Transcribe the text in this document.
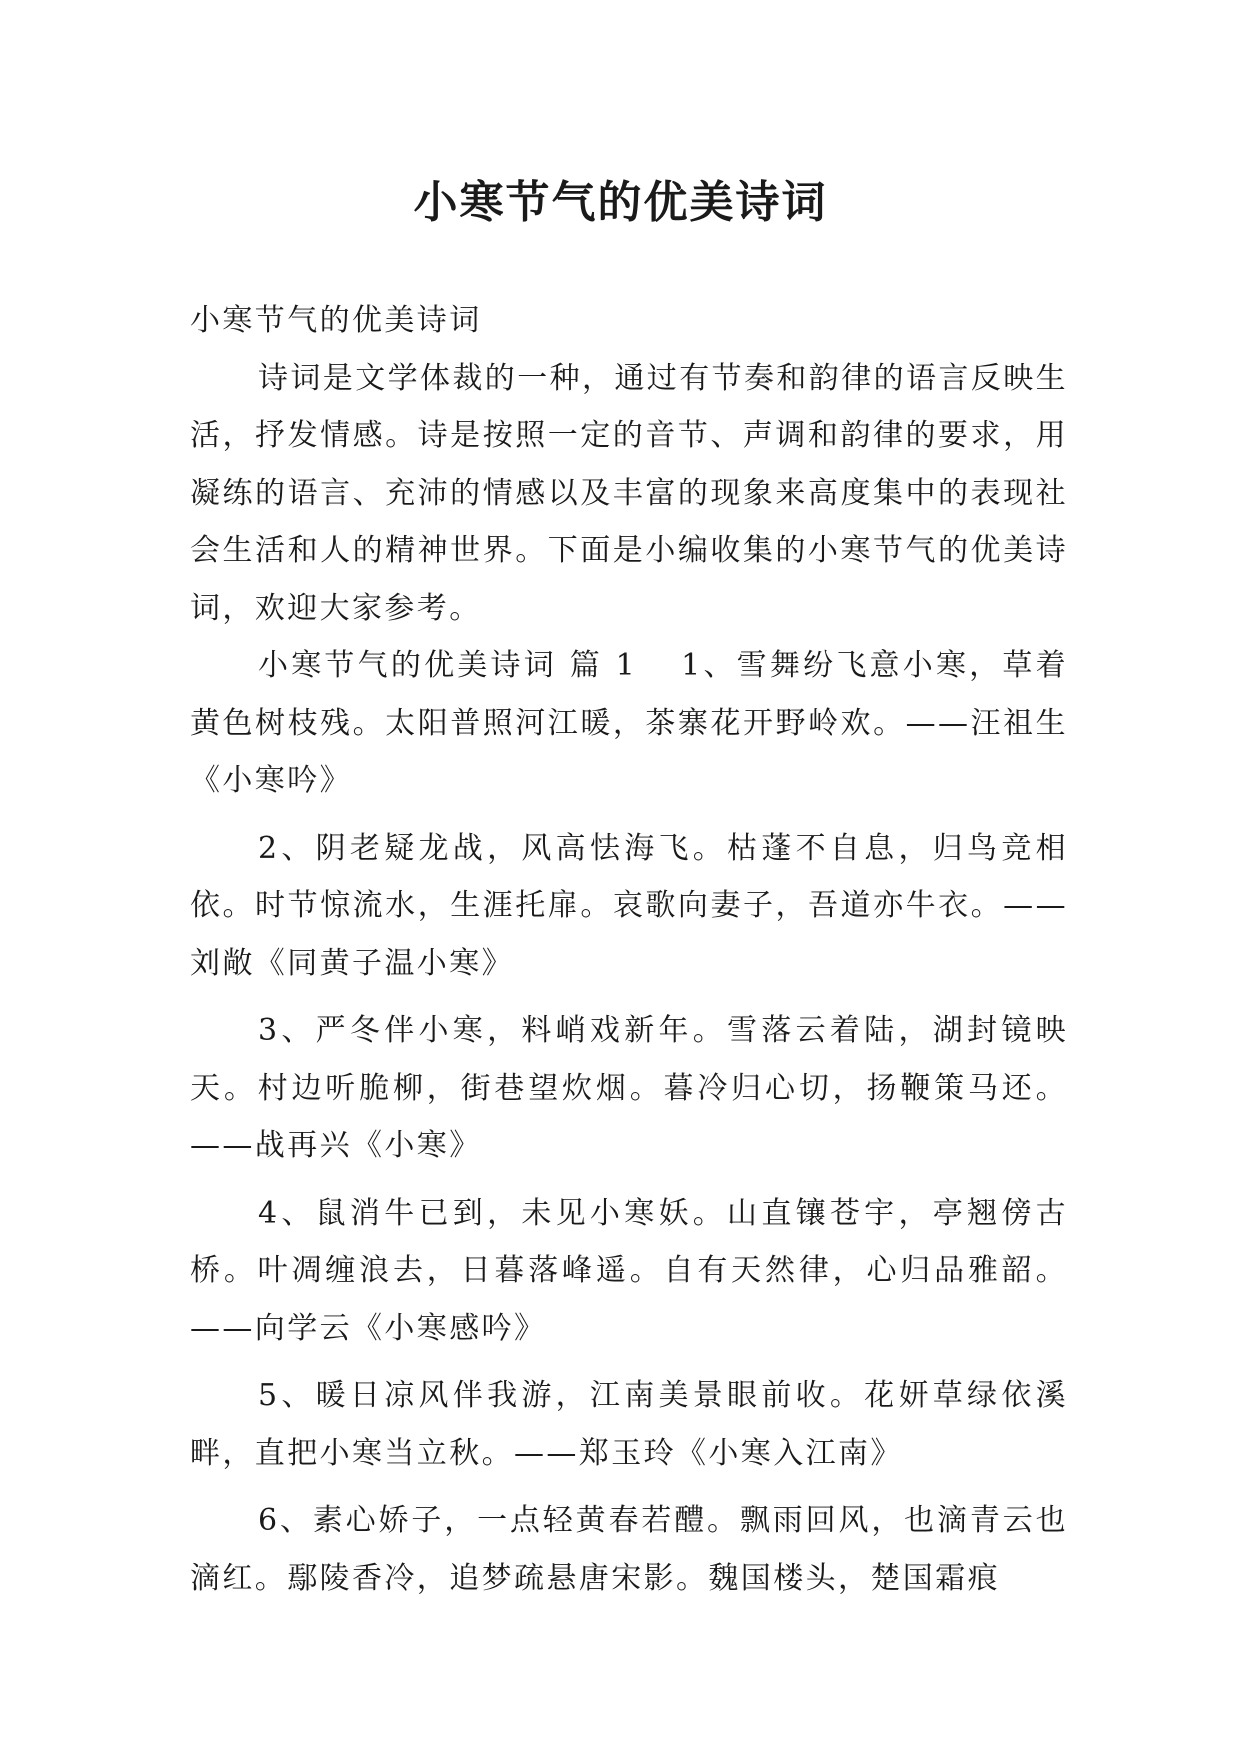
小寒节气的优美诗词

小寒节气的优美诗词

诗词是文学体裁的一种，通过有节奏和韵律的语言反映生活，抒发情感。诗是按照一定的音节、声调和韵律的要求，用凝练的语言、充沛的情感以及丰富的现象来高度集中的表现社会生活和人的精神世界。下面是小编收集的小寒节气的优美诗词，欢迎大家参考。

小寒节气的优美诗词 篇 1 1、雪舞纷飞意小寒，草着黄色树枝残。太阳普照河江暖，茶寨花开野岭欢。——汪祖生《小寒吟》

2、阴老疑龙战，风高怯海飞。枯蓬不自息，归鸟竞相依。时节惊流水，生涯托扉。哀歌向妻子，吾道亦牛衣。——刘敞《同黄子温小寒》

3、严冬伴小寒，料峭戏新年。雪落云着陆，湖封镜映天。村边听脆柳，街巷望炊烟。暮冷归心切，扬鞭策马还。——战再兴《小寒》

4、鼠消牛已到，未见小寒妖。山直镶苍宇，亭翘傍古桥。叶凋缠浪去，日暮落峰遥。自有天然律，心归品雅韶。——向学云《小寒感吟》

5、暖日凉风伴我游，江南美景眼前收。花妍草绿依溪畔，直把小寒当立秋。——郑玉玲《小寒入江南》

6、素心娇子，一点轻黄春若醴。飘雨回风，也滴青云也滴红。鄢陵香冷，追梦疏悬唐宋影。魏国楼头，楚国霜痕
